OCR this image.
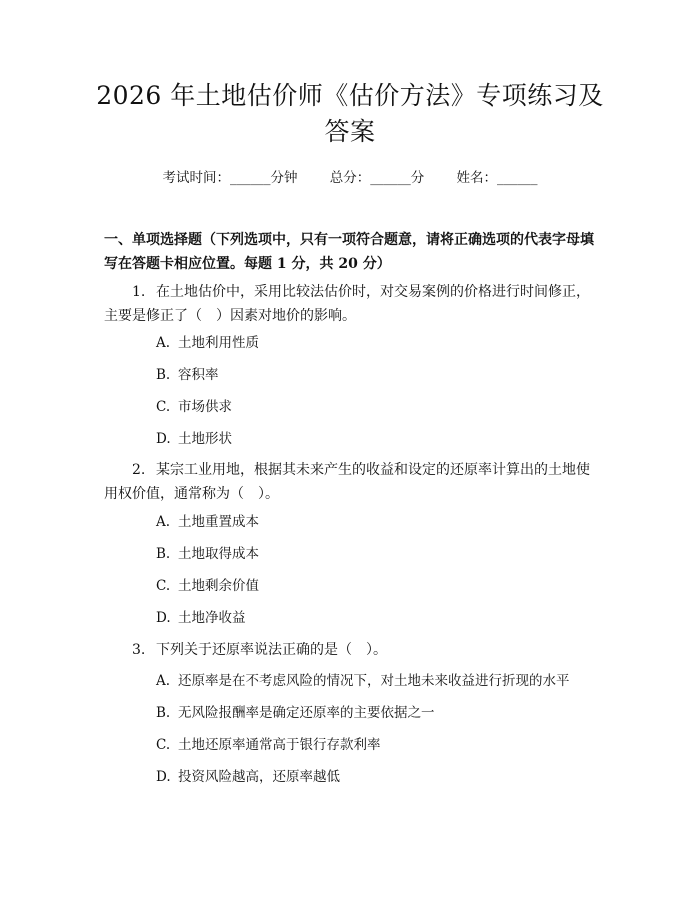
2026 年土地估价师《估价方法》专项练习及答案
考试时间：______分钟 总分：______分 姓名：______
一、单项选择题（下列选项中，只有一项符合题意，请将正确选项的代表字母填写在答题卡相应位置。每题 1 分，共 20 分）
1. 在土地估价中，采用比较法估价时，对交易案例的价格进行时间修正，主要是修正了（　）因素对地价的影响。
A. 土地利用性质
B. 容积率
C. 市场供求
D. 土地形状
2. 某宗工业用地，根据其未来产生的收益和设定的还原率计算出的土地使用权价值，通常称为（　）。
A. 土地重置成本
B. 土地取得成本
C. 土地剩余价值
D. 土地净收益
3. 下列关于还原率说法正确的是（　）。
A. 还原率是在不考虑风险的情况下，对土地未来收益进行折现的水平
B. 无风险报酬率是确定还原率的主要依据之一
C. 土地还原率通常高于银行存款利率
D. 投资风险越高，还原率越低
